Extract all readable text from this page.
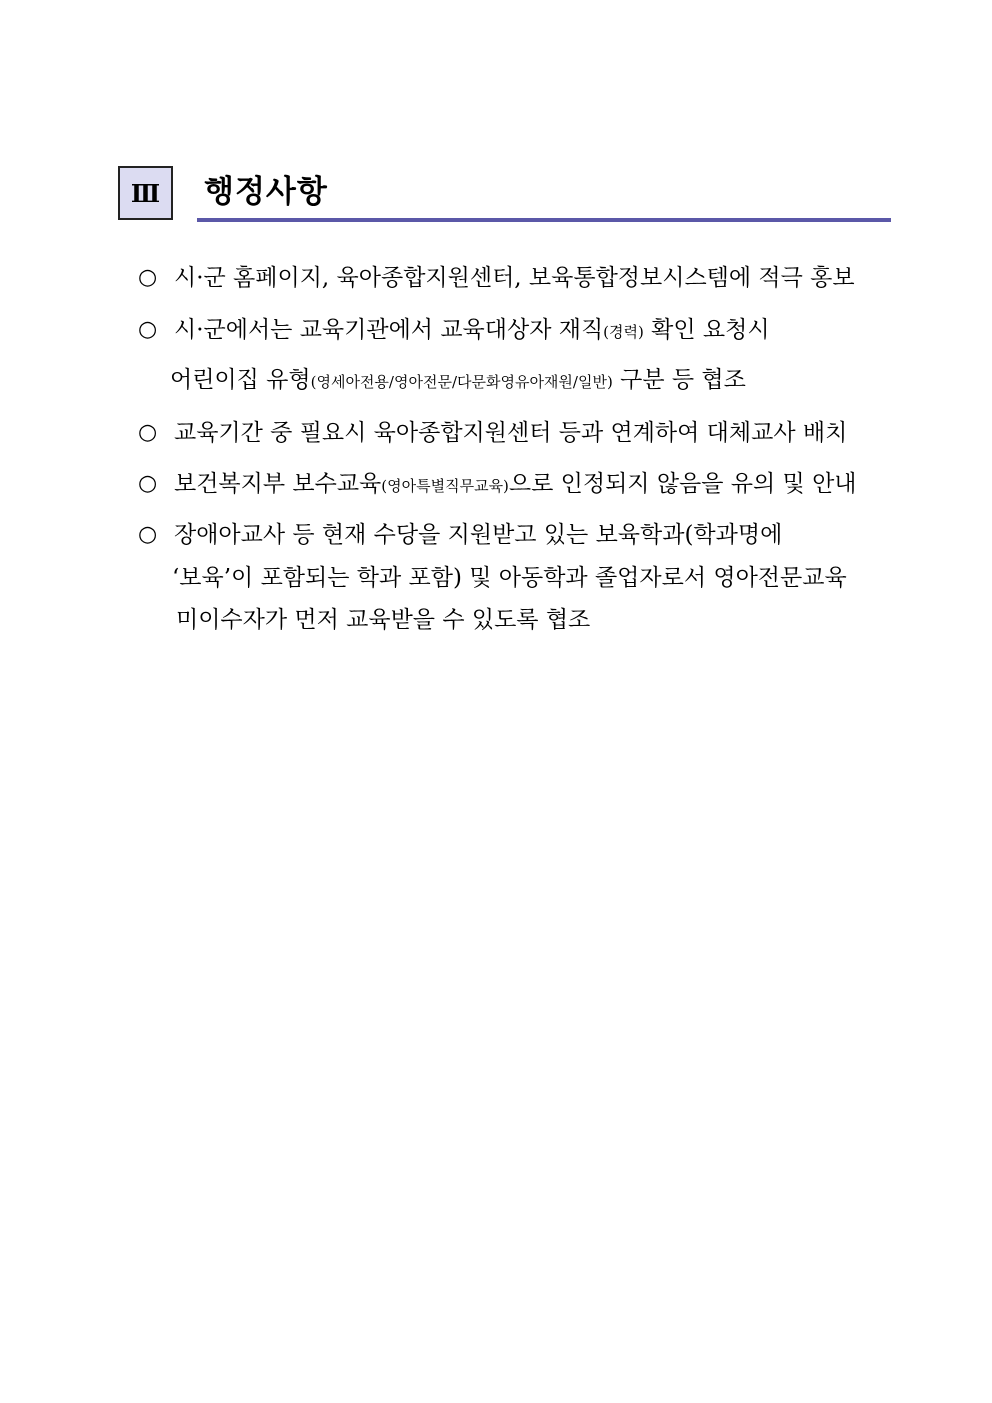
Ⅲ 행정사항
○ 시·군 홈페이지, 육아종합지원센터, 보육통합정보시스템에 적극 홍보
○ 시·군에서는 교육기관에서 교육대상자 재직(경력) 확인 요청시
어린이집 유형(영세아전용/영아전문/다문화영유아재원/일반) 구분 등 협조
○ 교육기간 중 필요시 육아종합지원센터 등과 연계하여 대체교사 배치
○ 보건복지부 보수교육(영아특별직무교육)으로 인정되지 않음을 유의 및 안내
○ 장애아교사 등 현재 수당을 지원받고 있는 보육학과(학과명에
‘보육’이 포함되는 학과 포함) 및 아동학과 졸업자로서 영아전문교육
미이수자가 먼저 교육받을 수 있도록 협조
